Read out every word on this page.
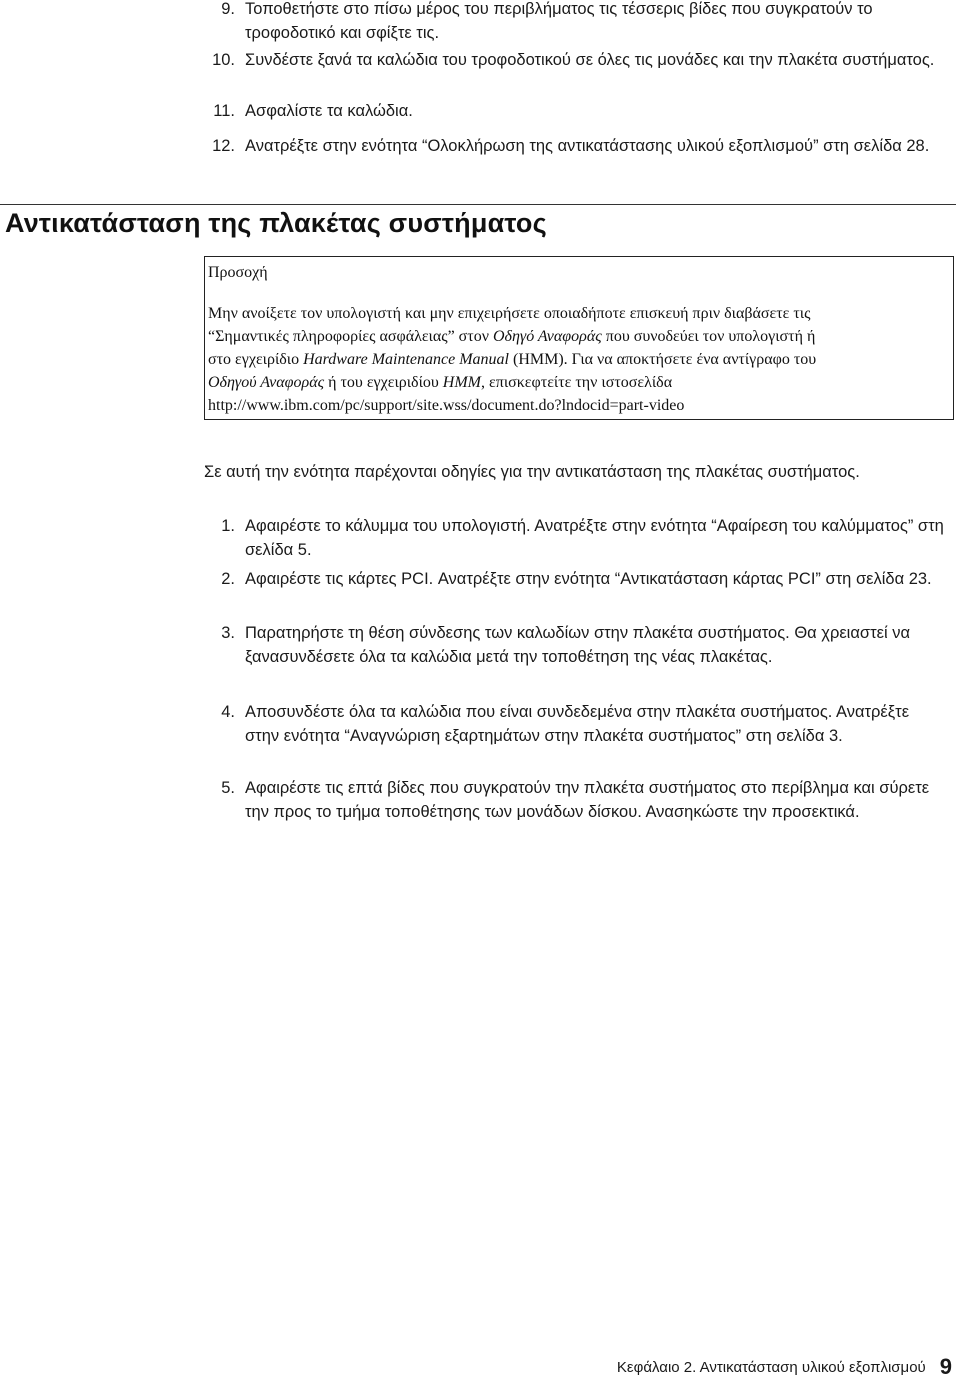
9. Τοποθετήστε στο πίσω μέρος του περιβλήματος τις τέσσερις βίδες που συγκρατούν το τροφοδοτικό και σφίξτε τις.
10. Συνδέστε ξανά τα καλώδια του τροφοδοτικού σε όλες τις μονάδες και την πλακέτα συστήματος.
11. Ασφαλίστε τα καλώδια.
12. Ανατρέξτε στην ενότητα “Ολοκλήρωση της αντικατάστασης υλικού εξοπλισμού” στη σελίδα 28.
Αντικατάσταση της πλακέτας συστήματος
Προσοχή
Μην ανοίξετε τον υπολογιστή και μην επιχειρήσετε οποιαδήποτε επισκευή πριν διαβάσετε τις
“Σημαντικές πληροφορίες ασφάλειας” στον Οδηγό Αναφοράς που συνοδεύει τον υπολογιστή ή
στο εγχειρίδιο Hardware Maintenance Manual (HMM). Για να αποκτήσετε ένα αντίγραφο του
Οδηγού Αναφοράς ή του εγχειριδίου HMM, επισκεφτείτε την ιστοσελίδα
http://www.ibm.com/pc/support/site.wss/document.do?lndocid=part-video
Σε αυτή την ενότητα παρέχονται οδηγίες για την αντικατάσταση της πλακέτας συστήματος.
1. Αφαιρέστε το κάλυμμα του υπολογιστή. Ανατρέξτε στην ενότητα “Αφαίρεση του καλύμματος” στη σελίδα 5.
2. Αφαιρέστε τις κάρτες PCI. Ανατρέξτε στην ενότητα “Αντικατάσταση κάρτας PCI” στη σελίδα 23.
3. Παρατηρήστε τη θέση σύνδεσης των καλωδίων στην πλακέτα συστήματος. Θα χρειαστεί να ξανασυνδέσετε όλα τα καλώδια μετά την τοποθέτηση της νέας πλακέτας.
4. Αποσυνδέστε όλα τα καλώδια που είναι συνδεδεμένα στην πλακέτα συστήματος. Ανατρέξτε στην ενότητα “Αναγνώριση εξαρτημάτων στην πλακέτα συστήματος” στη σελίδα 3.
5. Αφαιρέστε τις επτά βίδες που συγκρατούν την πλακέτα συστήματος στο περίβλημα και σύρετε την προς το τμήμα τοποθέτησης των μονάδων δίσκου. Ανασηκώστε την προσεκτικά.
Κεφάλαιο 2. Αντικατάσταση υλικού εξοπλισμού 9
